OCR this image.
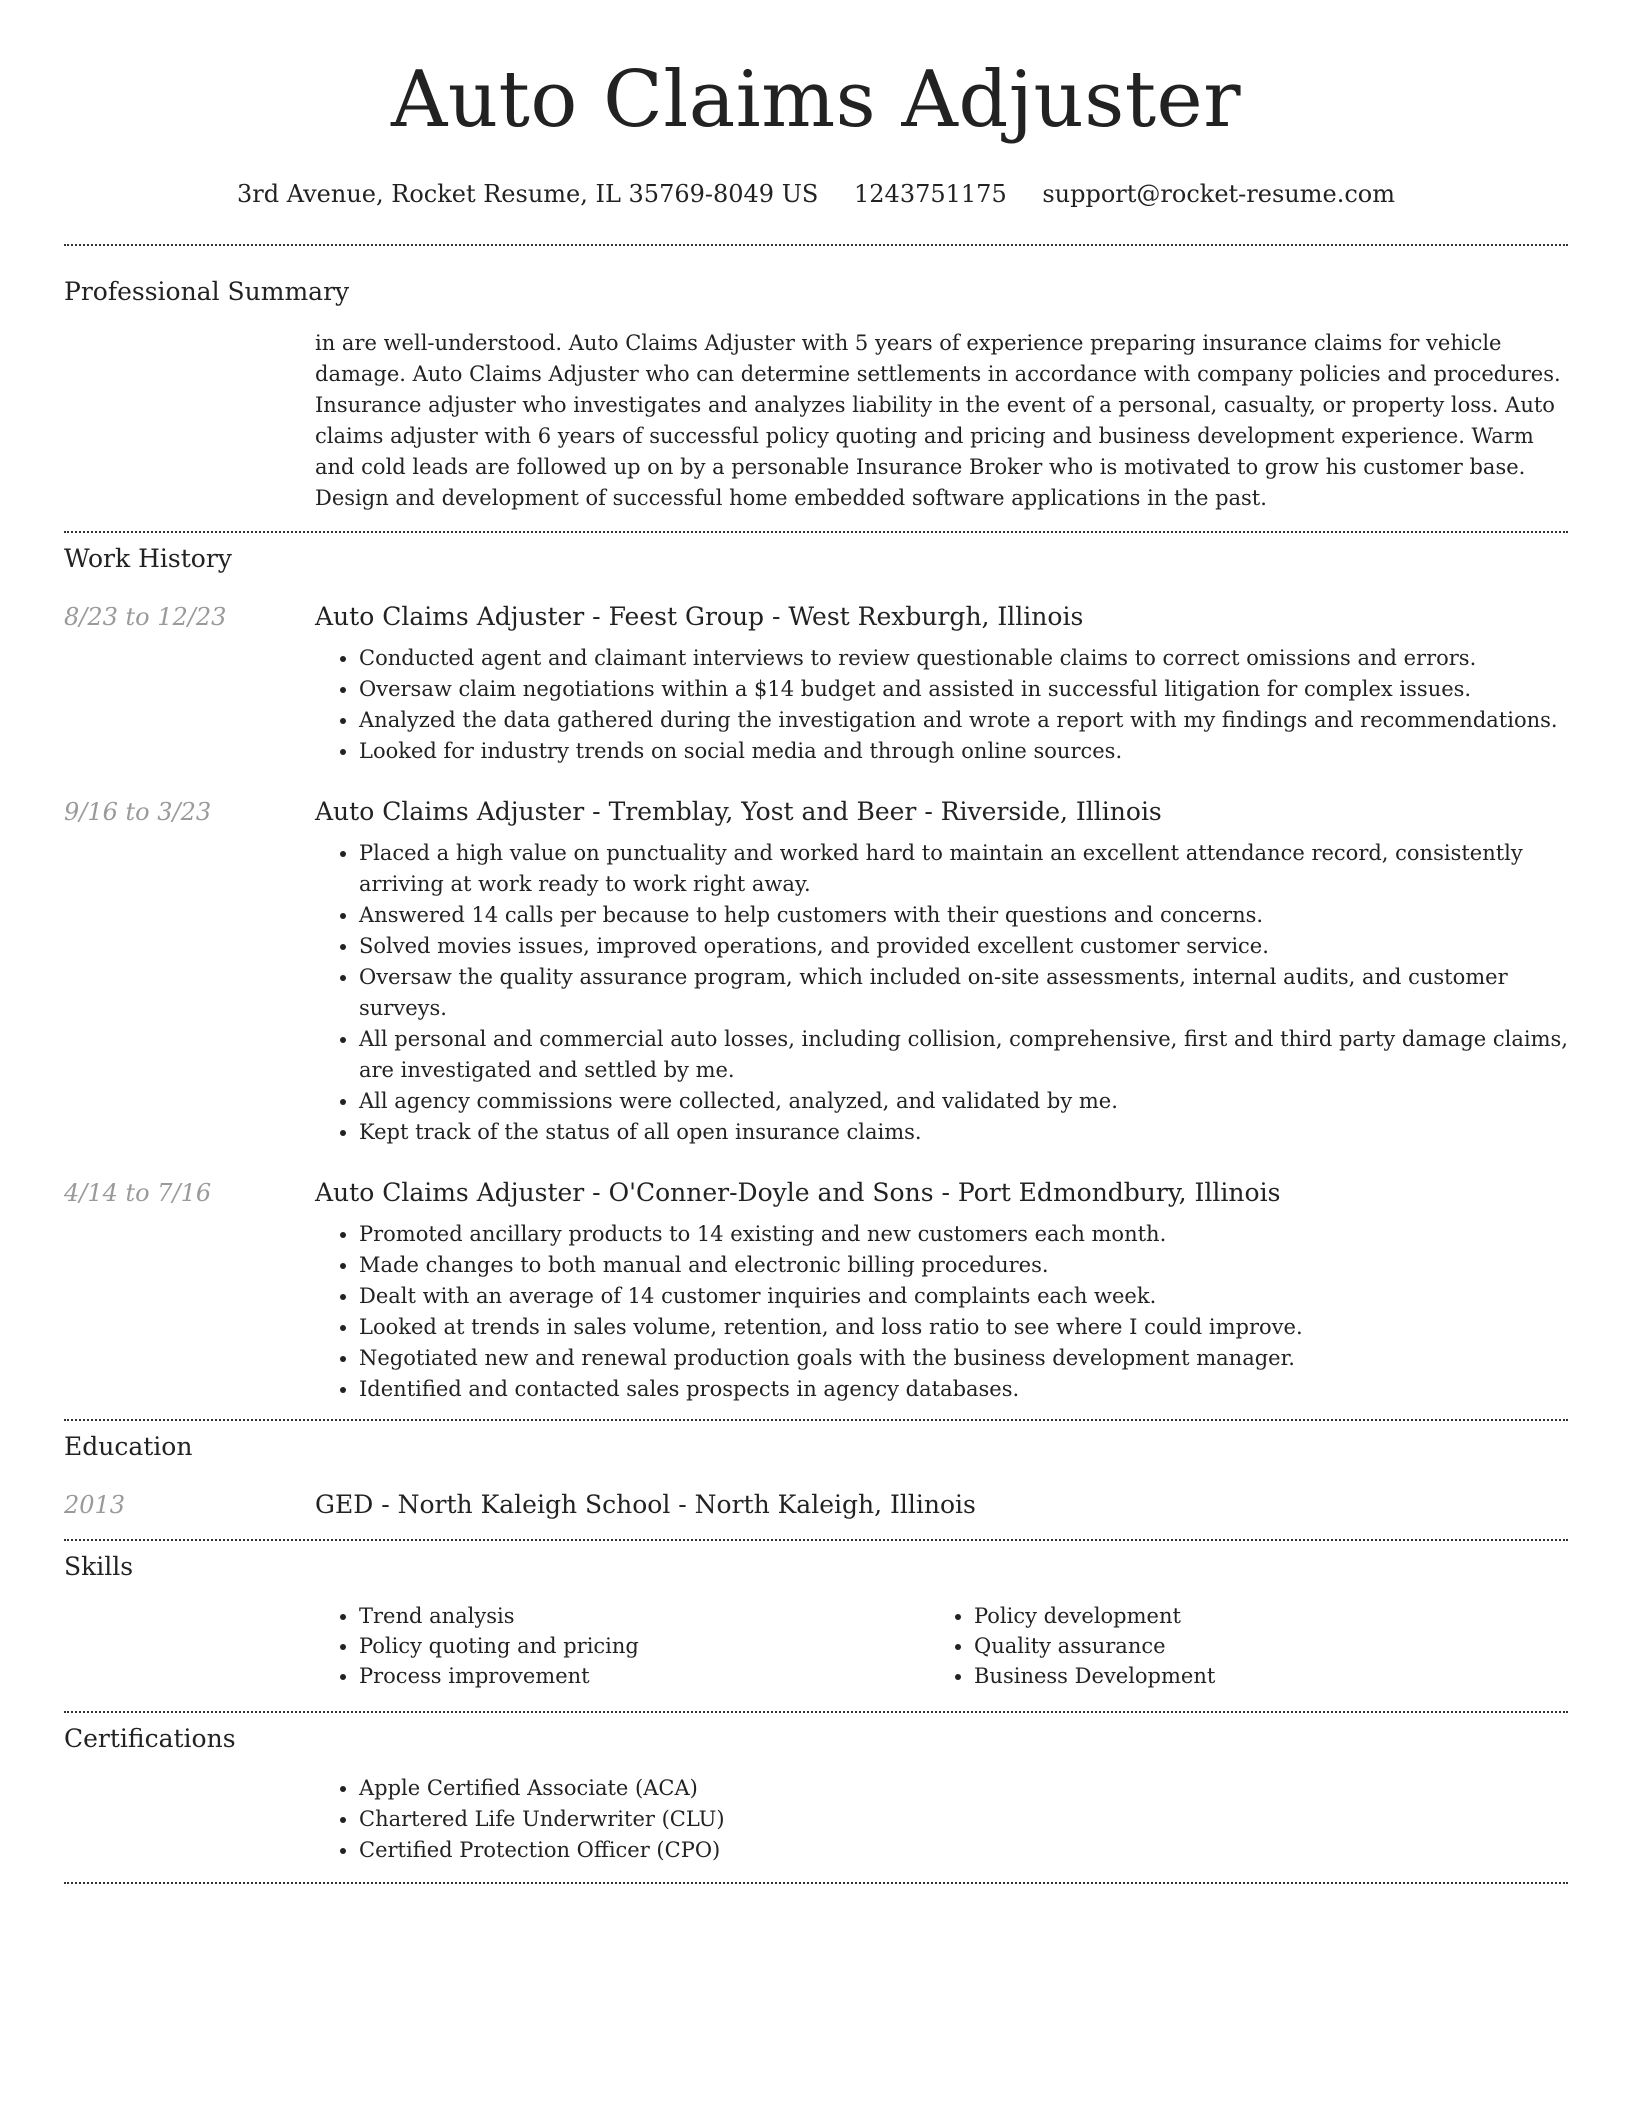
Auto Claims Adjuster
3rd Avenue, Rocket Resume, IL 35769-8049 US 1243751175 support@rocket-resume.com
Professional Summary

in are well-understood. Auto Claims Adjuster with 5 years of experience preparing insurance claims for vehicle damage. Auto Claims Adjuster who can determine settlements in accordance with company policies and procedures. Insurance adjuster who investigates and analyzes liability in the event of a personal, casualty, or property loss. Auto claims adjuster with 6 years of successful policy quoting and pricing and business development experience. Warm and cold leads are followed up on by a personable Insurance Broker who is motivated to grow his customer base. Design and development of successful home embedded software applications in the past.

Work History
8/23 to 12/23	Auto Claims Adjuster - Feest Group - West Rexburgh, Illinois
• Conducted agent and claimant interviews to review questionable claims to correct omissions and errors.
• Oversaw claim negotiations within a $14 budget and assisted in successful litigation for complex issues.
• Analyzed the data gathered during the investigation and wrote a report with my findings and recommendations.
• Looked for industry trends on social media and through online sources.
9/16 to 3/23	Auto Claims Adjuster - Tremblay, Yost and Beer - Riverside, Illinois
• Placed a high value on punctuality and worked hard to maintain an excellent attendance record, consistently arriving at work ready to work right away.
• Answered 14 calls per because to help customers with their questions and concerns.
• Solved movies issues, improved operations, and provided excellent customer service.
• Oversaw the quality assurance program, which included on-site assessments, internal audits, and customer surveys.
• All personal and commercial auto losses, including collision, comprehensive, first and third party damage claims, are investigated and settled by me.
• All agency commissions were collected, analyzed, and validated by me.
• Kept track of the status of all open insurance claims.
4/14 to 7/16	Auto Claims Adjuster - O'Conner-Doyle and Sons - Port Edmondbury, Illinois
• Promoted ancillary products to 14 existing and new customers each month.
• Made changes to both manual and electronic billing procedures.
• Dealt with an average of 14 customer inquiries and complaints each week.
• Looked at trends in sales volume, retention, and loss ratio to see where I could improve.
• Negotiated new and renewal production goals with the business development manager.
• Identified and contacted sales prospects in agency databases.
Education
2013	GED - North Kaleigh School - North Kaleigh, Illinois
Skills
• Trend analysis
• Policy quoting and pricing
• Process improvement
• Policy development
• Quality assurance
• Business Development
Certifications
• Apple Certified Associate (ACA)
• Chartered Life Underwriter (CLU)
• Certified Protection Officer (CPO)
